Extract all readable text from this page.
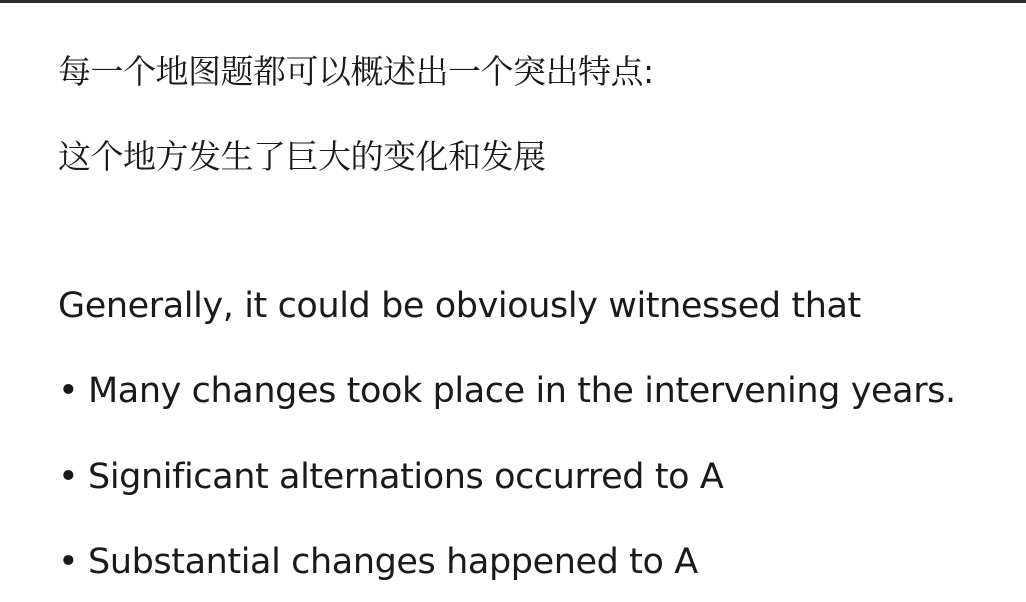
每一个地图题都可以概述出一个突出特点:
这个地方发生了巨大的变化和发展
Generally, it could be obviously witnessed that
• Many changes took place in the intervening years.
• Significant alternations occurred to A
• Substantial changes happened to A
